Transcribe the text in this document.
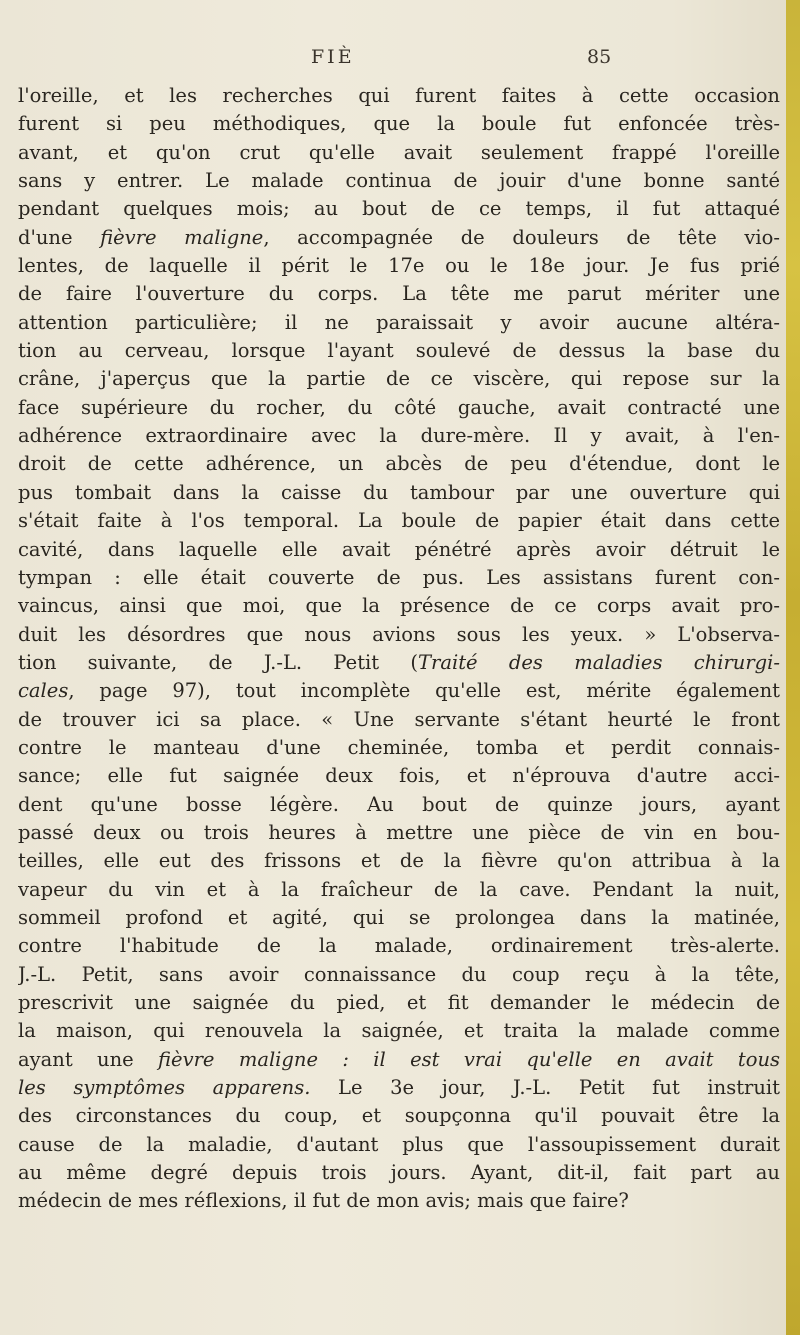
FIÈ	85
l'oreille, et les recherches qui furent faites à cette occasion
furent si peu méthodiques, que la boule fut enfoncée très-
avant, et qu'on crut qu'elle avait seulement frappé l'oreille
sans y entrer. Le malade continua de jouir d'une bonne santé
pendant quelques mois; au bout de ce temps, il fut attaqué
d'une fièvre maligne, accompagnée de douleurs de tête vio-
lentes, de laquelle il périt le 17e ou le 18e jour. Je fus prié
de faire l'ouverture du corps. La tête me parut mériter une
attention particulière; il ne paraissait y avoir aucune altéra-
tion au cerveau, lorsque l'ayant soulevé de dessus la base du
crâne, j'aperçus que la partie de ce viscère, qui repose sur la
face supérieure du rocher, du côté gauche, avait contracté une
adhérence extraordinaire avec la dure-mère. Il y avait, à l'en-
droit de cette adhérence, un abcès de peu d'étendue, dont le
pus tombait dans la caisse du tambour par une ouverture qui
s'était faite à l'os temporal. La boule de papier était dans cette
cavité, dans laquelle elle avait pénétré après avoir détruit le
tympan : elle était couverte de pus. Les assistans furent con-
vaincus, ainsi que moi, que la présence de ce corps avait pro-
duit les désordres que nous avions sous les yeux. » L'observa-
tion suivante, de J.-L. Petit (Traité des maladies chirurgi-
cales, page 97), tout incomplète qu'elle est, mérite également
de trouver ici sa place. « Une servante s'étant heurté le front
contre le manteau d'une cheminée, tomba et perdit connais-
sance; elle fut saignée deux fois, et n'éprouva d'autre acci-
dent qu'une bosse légère. Au bout de quinze jours, ayant
passé deux ou trois heures à mettre une pièce de vin en bou-
teilles, elle eut des frissons et de la fièvre qu'on attribua à la
vapeur du vin et à la fraîcheur de la cave. Pendant la nuit,
sommeil profond et agité, qui se prolongea dans la matinée,
contre l'habitude de la malade, ordinairement très-alerte.
J.-L. Petit, sans avoir connaissance du coup reçu à la tête,
prescrivit une saignée du pied, et fit demander le médecin de
la maison, qui renouvela la saignée, et traita la malade comme
ayant une fièvre maligne : il est vrai qu'elle en avait tous
les symptômes apparens. Le 3e jour, J.-L. Petit fut instruit
des circonstances du coup, et soupçonna qu'il pouvait être la
cause de la maladie, d'autant plus que l'assoupissement durait
au même degré depuis trois jours. Ayant, dit-il, fait part au
médecin de mes réflexions, il fut de mon avis; mais que faire?
